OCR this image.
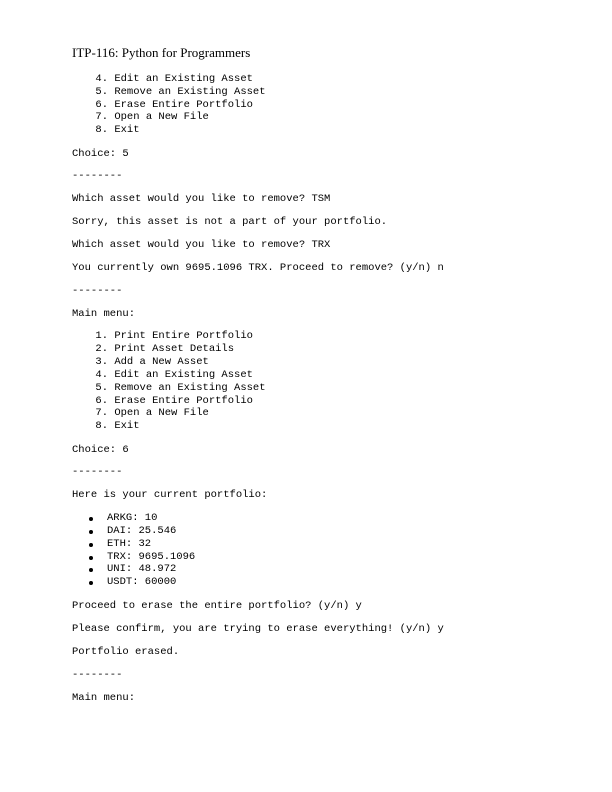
ITP-116: Python for Programmers
4. Edit an Existing Asset
5. Remove an Existing Asset
6. Erase Entire Portfolio
7. Open a New File
8. Exit
Choice: 5
--------
Which asset would you like to remove? TSM
Sorry, this asset is not a part of your portfolio.
Which asset would you like to remove? TRX
You currently own 9695.1096 TRX. Proceed to remove? (y/n) n
--------
Main menu:
1. Print Entire Portfolio
2. Print Asset Details
3. Add a New Asset
4. Edit an Existing Asset
5. Remove an Existing Asset
6. Erase Entire Portfolio
7. Open a New File
8. Exit
Choice: 6
--------
Here is your current portfolio:
ARKG: 10
DAI: 25.546
ETH: 32
TRX: 9695.1096
UNI: 48.972
USDT: 60000
Proceed to erase the entire portfolio? (y/n) y
Please confirm, you are trying to erase everything! (y/n) y
Portfolio erased.
--------
Main menu:
